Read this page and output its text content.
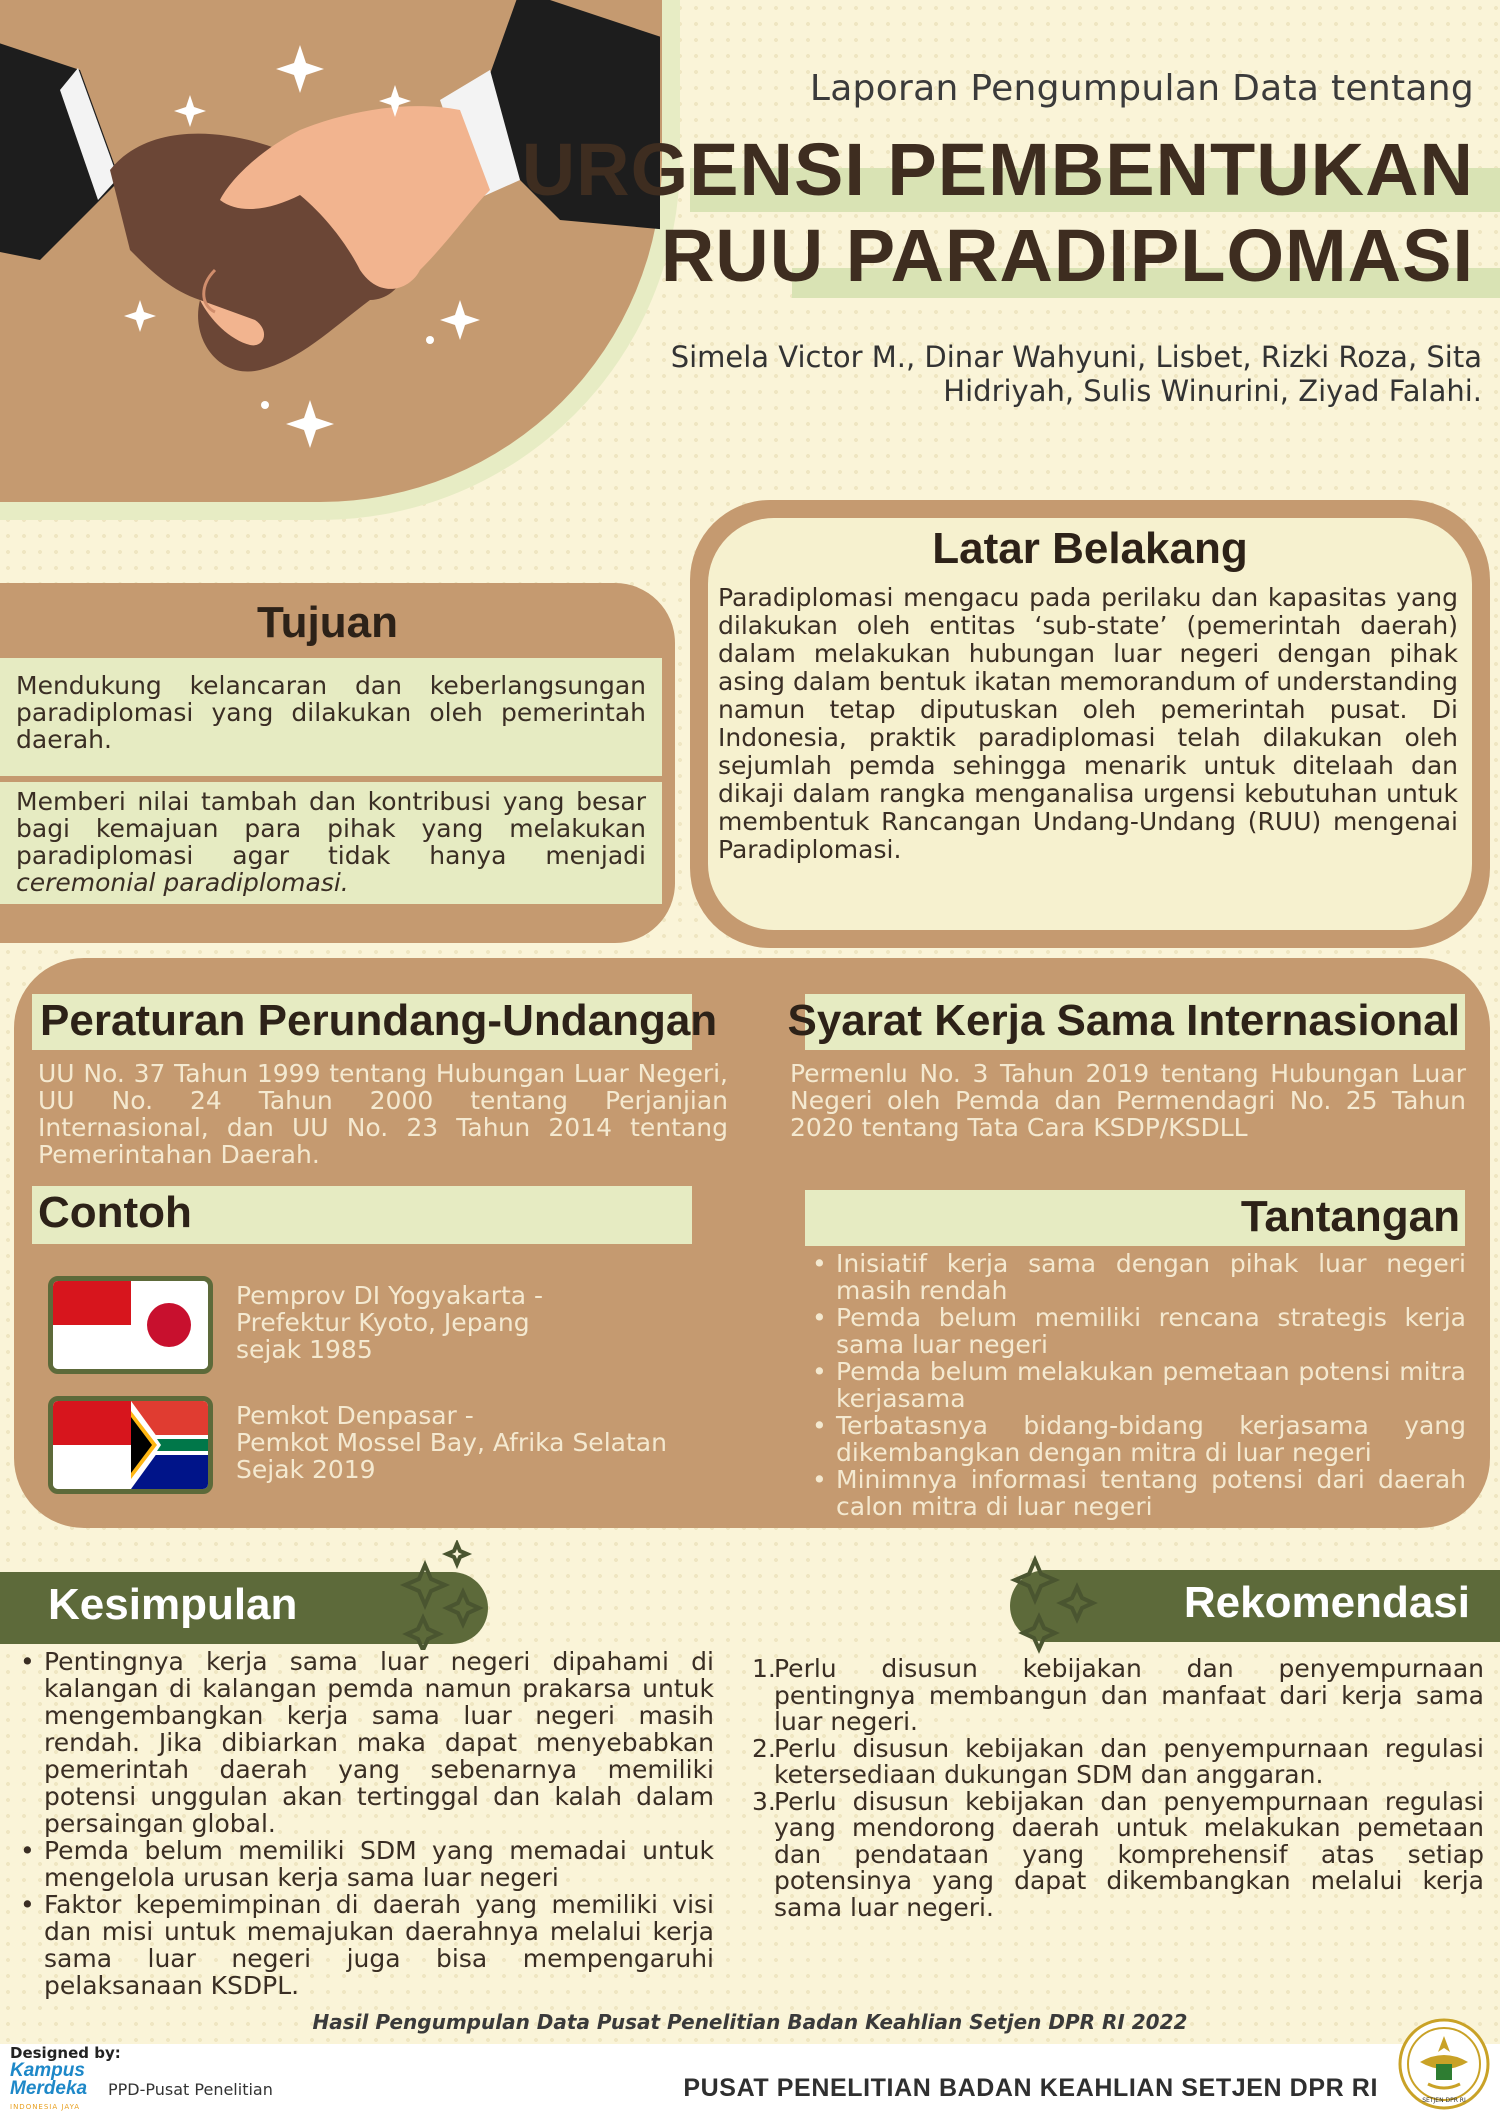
Laporan Pengumpulan Data tentang
URGENSI PEMBENTUKAN
RUU PARADIPLOMASI
Simela Victor M., Dinar Wahyuni, Lisbet, Rizki Roza, Sita Hidriyah, Sulis Winurini, Ziyad Falahi.
Tujuan
Mendukung kelancaran dan keberlangsungan paradiplomasi yang dilakukan oleh pemerintah daerah.
Memberi nilai tambah dan kontribusi yang besar bagi kemajuan para pihak yang melakukan paradiplomasi agar tidak hanya menjadi ceremonial paradiplomasi.
Latar Belakang
Paradiplomasi mengacu pada perilaku dan kapasitas yang dilakukan oleh entitas ‘sub-state’ (pemerintah daerah) dalam melakukan hubungan luar negeri dengan pihak asing dalam bentuk ikatan memorandum of understanding namun tetap diputuskan oleh pemerintah pusat. Di Indonesia, praktik paradiplomasi telah dilakukan oleh sejumlah pemda sehingga menarik untuk ditelaah dan dikaji dalam rangka menganalisa urgensi kebutuhan untuk membentuk Rancangan Undang-Undang (RUU) mengenai Paradiplomasi.
Peraturan Perundang-Undangan
UU No. 37 Tahun 1999 tentang Hubungan Luar Negeri, UU No. 24 Tahun 2000 tentang Perjanjian Internasional, dan UU No. 23 Tahun 2014 tentang Pemerintahan Daerah.
Syarat Kerja Sama Internasional
Permenlu No. 3 Tahun 2019 tentang Hubungan Luar Negeri oleh Pemda dan Permendagri No. 25 Tahun 2020 tentang Tata Cara KSDP/KSDLL
Contoh
Pemprov DI Yogyakarta -
Prefektur Kyoto, Jepang
sejak 1985
Pemkot Denpasar -
Pemkot Mossel Bay, Afrika Selatan
Sejak 2019
Tantangan
• Inisiatif kerja sama dengan pihak luar negeri masih rendah
• Pemda belum memiliki rencana strategis kerja sama luar negeri
• Pemda belum melakukan pemetaan potensi mitra kerjasama
• Terbatasnya bidang-bidang kerjasama yang dikembangkan dengan mitra di luar negeri
• Minimnya informasi tentang potensi dari daerah calon mitra di luar negeri
Kesimpulan
• Pentingnya kerja sama luar negeri dipahami di kalangan di kalangan pemda namun prakarsa untuk mengembangkan kerja sama luar negeri masih rendah. Jika dibiarkan maka dapat menyebabkan pemerintah daerah yang sebenarnya memiliki potensi unggulan akan tertinggal dan kalah dalam persaingan global.
• Pemda belum memiliki SDM yang memadai untuk mengelola urusan kerja sama luar negeri
• Faktor kepemimpinan di daerah yang memiliki visi dan misi untuk memajukan daerahnya melalui kerja sama luar negeri juga bisa mempengaruhi pelaksanaan KSDPL.
Rekomendasi
1.
Perlu disusun kebijakan dan penyempurnaan pentingnya membangun dan manfaat dari kerja sama luar negeri.
2.
Perlu disusun kebijakan dan penyempurnaan regulasi ketersediaan dukungan SDM dan anggaran.
3.
Perlu disusun kebijakan dan penyempurnaan regulasi yang mendorong daerah untuk melakukan pemetaan dan pendataan yang komprehensif atas setiap potensinya yang dapat dikembangkan melalui kerja sama luar negeri.
Hasil Pengumpulan Data Pusat Penelitian Badan Keahlian Setjen DPR RI 2022
Designed by:
Kampus
Merdeka
INDONESIA JAYA
PPD-Pusat Penelitian	PUSAT PENELITIAN BADAN KEAHLIAN SETJEN DPR RI	SETJEN DPR RI
